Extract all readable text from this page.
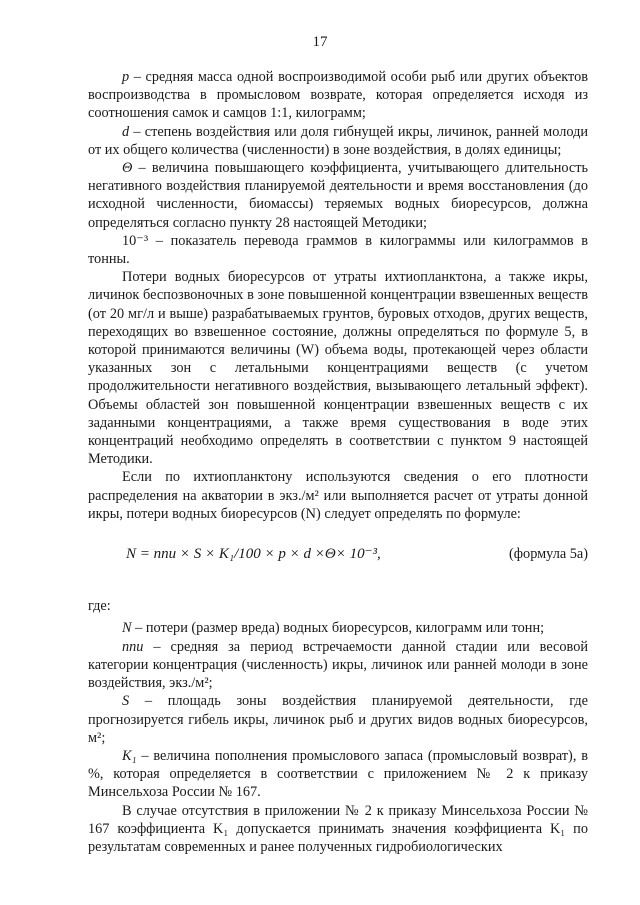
17

p – средняя масса одной воспроизводимой особи рыб или других объектов воспроизводства в промысловом возврате, которая определяется исходя из соотношения самок и самцов 1:1, килограмм;

d – степень воздействия или доля гибнущей икры, личинок, ранней молоди от их общего количества (численности) в зоне воздействия, в долях единицы;

Θ – величина повышающего коэффициента, учитывающего длительность негативного воздействия планируемой деятельности и время восстановления (до исходной численности, биомассы) теряемых водных биоресурсов, должна определяться согласно пункту 28 настоящей Методики;

10⁻³ – показатель перевода граммов в килограммы или килограммов в тонны.

Потери водных биоресурсов от утраты ихтиопланктона, а также икры, личинок беспозвоночных в зоне повышенной концентрации взвешенных веществ (от 20 мг/л и выше) разрабатываемых грунтов, буровых отходов, других веществ, переходящих во взвешенное состояние, должны определяться по формуле 5, в которой принимаются величины (W) объема воды, протекающей через области указанных зон с летальными концентрациями веществ (с учетом продолжительности негативного воздействия, вызывающего летальный эффект). Объемы областей зон повышенной концентрации взвешенных веществ с их заданными концентрациями, а также время существования в воде этих концентраций необходимо определять в соответствии с пунктом 9 настоящей Методики.

Если по ихтиопланктону используются сведения о его плотности распределения на акватории в экз./м² или выполняется расчет от утраты донной икры, потери водных биоресурсов (N) следует определять по формуле:

N = nпи × S × K₁/100 × p × d ×Θ× 10⁻³,	(формула 5а)

где:

N – потери (размер вреда) водных биоресурсов, килограмм или тонн;

nпи – средняя за период встречаемости данной стадии или весовой категории концентрация (численность) икры, личинок или ранней молоди в зоне воздействия, экз./м²;

S – площадь зоны воздействия планируемой деятельности, где прогнозируется гибель икры, личинок рыб и других видов водных биоресурсов, м²;

K₁ – величина пополнения промыслового запаса (промысловый возврат), в %, которая определяется в соответствии с приложением № 2 к приказу Минсельхоза России № 167.

В случае отсутствия в приложении № 2 к приказу Минсельхоза России № 167 коэффициента K₁ допускается принимать значения коэффициента K₁ по результатам современных и ранее полученных гидробиологических
